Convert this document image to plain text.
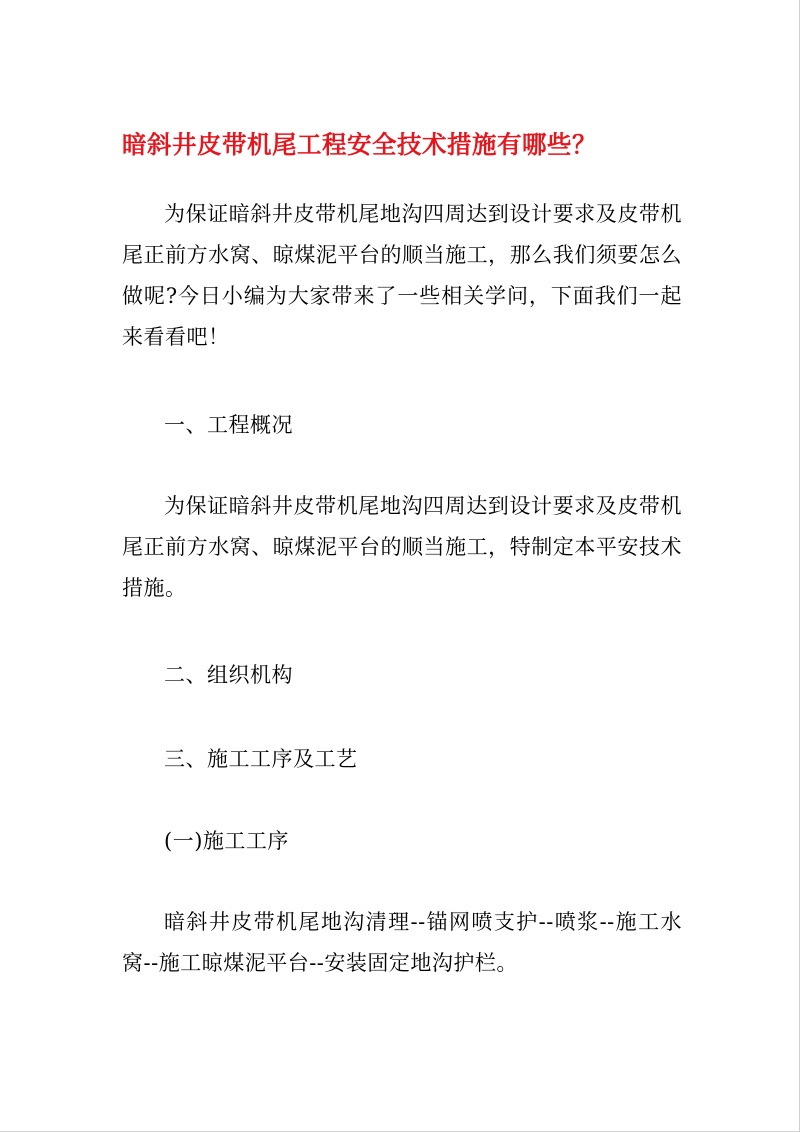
暗斜井皮带机尾工程安全技术措施有哪些？
为保证暗斜井皮带机尾地沟四周达到设计要求及皮带机尾正前方水窝、晾煤泥平台的顺当施工，那么我们须要怎么做呢?今日小编为大家带来了一些相关学问，下面我们一起来看看吧！
一、工程概况
为保证暗斜井皮带机尾地沟四周达到设计要求及皮带机尾正前方水窝、晾煤泥平台的顺当施工，特制定本平安技术措施。
二、组织机构
三、施工工序及工艺
(一)施工工序
暗斜井皮带机尾地沟清理--锚网喷支护--喷浆--施工水窝--施工晾煤泥平台--安装固定地沟护栏。
